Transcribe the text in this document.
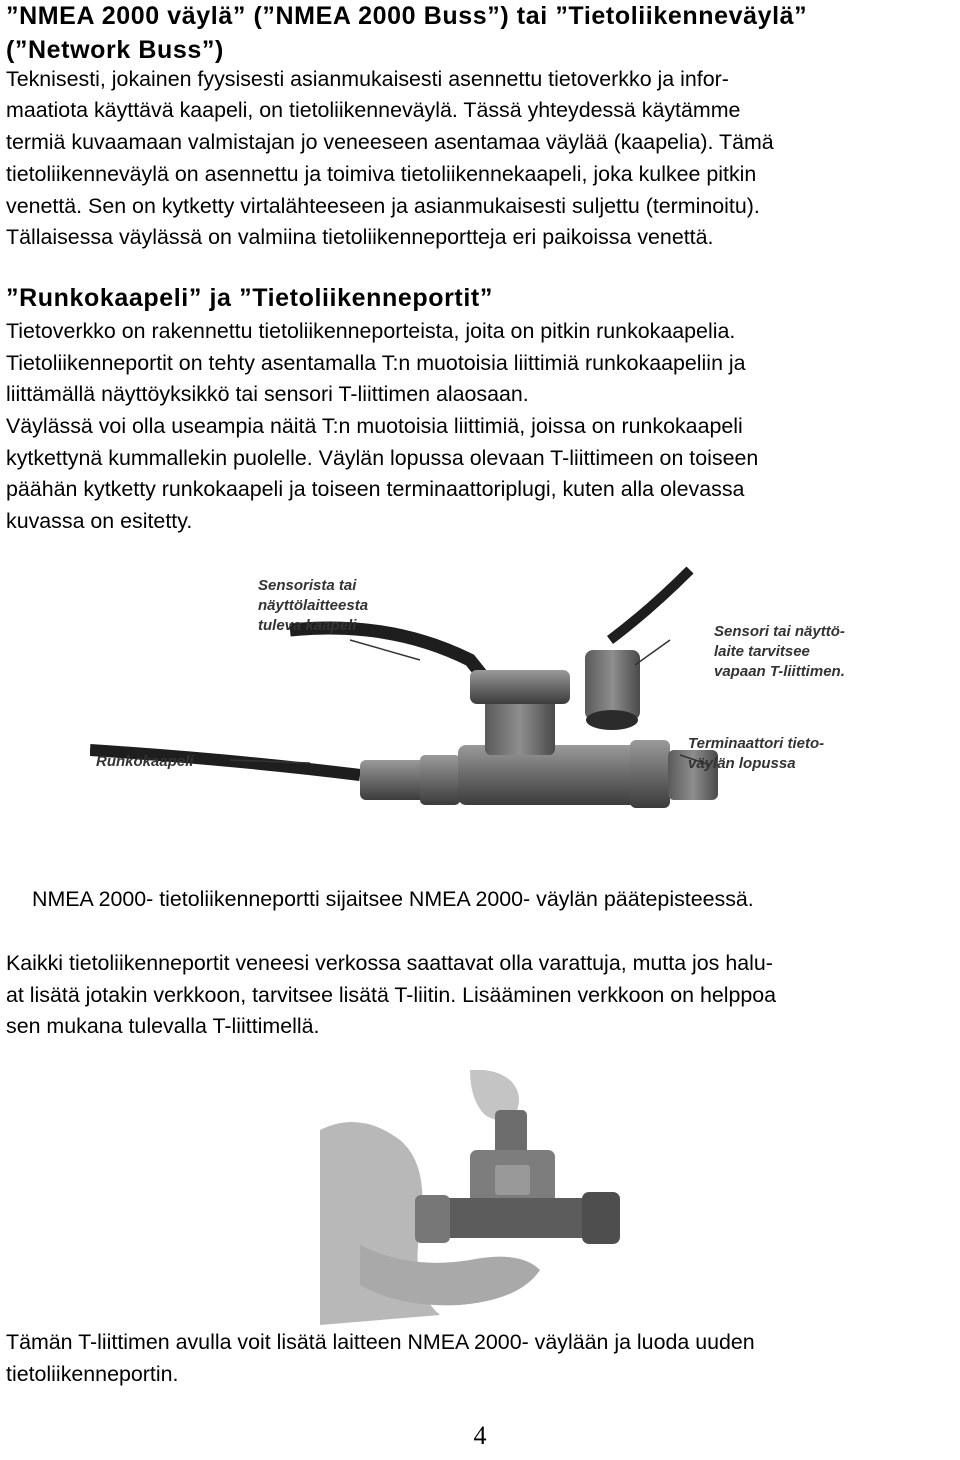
”NMEA 2000 väylä” (”NMEA 2000 Buss”) tai ”Tietoliikenneväylä”
(”Network Buss”)
Teknisesti, jokainen fyysisesti asianmukaisesti asennettu tietoverkko ja infor-
maatiota käyttävä kaapeli, on tietoliikenneväylä. Tässä yhteydessä käytämme
termiä kuvaamaan valmistajan jo veneeseen asentamaa väylää (kaapelia). Tämä
tietoliikenneväylä on asennettu ja toimiva tietoliikennekaapeli, joka kulkee pitkin
venettä. Sen on kytketty virtalähteeseen ja asianmukaisesti suljettu (terminoitu).
Tällaisessa väylässä on valmiina tietoliikenneportteja eri paikoissa venettä.
”Runkokaapeli” ja ”Tietoliikenneportit”
Tietoverkko on rakennettu tietoliikenneporteista, joita on pitkin runkokaapelia.
Tietoliikenneportit on tehty asentamalla T:n muotoisia liittimiä runkokaapeliin ja
liittämällä näyttöyksikkö tai sensori T-liittimen alaosaan.
Väylässä voi olla useampia näitä T:n muotoisia liittimiä, joissa on runkokaapeli
kytkettynä kummallekin puolelle. Väylän lopussa olevaan T-liittimeen on toiseen
päähän kytketty runkokaapeli ja toiseen terminaattoriplugi, kuten alla olevassa
kuvassa on esitetty.
Sensorista tai
näyttölaitteesta
tuleva kaapeli	Sensori tai näyttö-
laite tarvitsee
vapaan T-liittimen.
Runkokaapeli
Terminaattori tieto-
väylän lopussa
NMEA 2000- tietoliikenneportti sijaitsee NMEA 2000- väylän päätepisteessä.
Kaikki tietoliikenneportit veneesi verkossa saattavat olla varattuja, mutta jos halu-
at lisätä jotakin verkkoon, tarvitsee lisätä T-liitin. Lisääminen verkkoon on helppoa
sen mukana tulevalla T-liittimellä.
Tämän T-liittimen avulla voit lisätä laitteen NMEA 2000- väylään ja luoda uuden
tietoliikenneportin.
4
